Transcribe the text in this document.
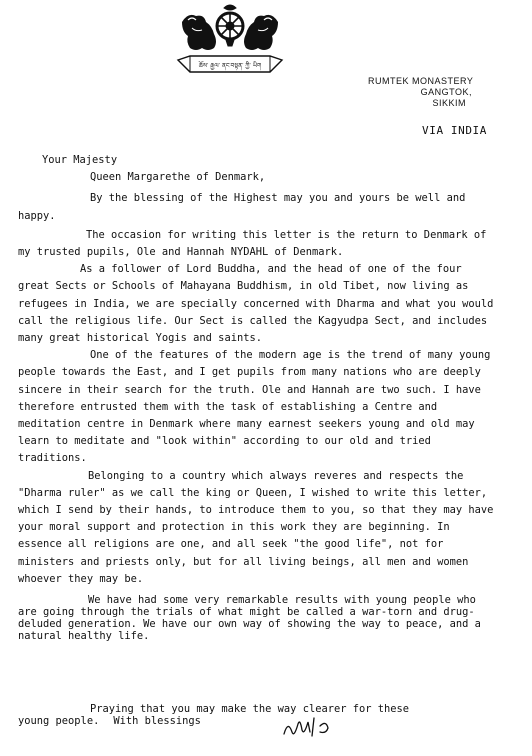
ཆོས་ རྒྱལ་ ནང་བསྟན་ ཀྱི་ ཡིག
RUMTEK MONASTERY
GANGTOK,
SIKKIM
VIA INDIA

Your Majesty

Queen Margarethe of Denmark,

By the blessing of the Highest may you and yours be well and happy.

The occasion for writing this letter is the return to Denmark of my trusted pupils, Ole and Hannah NYDAHL of Denmark.

As a follower of Lord Buddha, and the head of one of the four great Sects or Schools of Mahayana Buddhism, in old Tibet, now living as refugees in India, we are specially concerned with Dharma and what you would call the religious life. Our Sect is called the Kagyudpa Sect, and includes many great historical Yogis and saints.

One of the features of the modern age is the trend of many young people towards the East, and I get pupils from many nations who are deeply sincere in their search for the truth. Ole and Hannah are two such. I have therefore entrusted them with the task of establishing a Centre and meditation centre in Denmark where many earnest seekers young and old may learn to meditate and "look within" according to our old and tried traditions.

Belonging to a country which always reveres and respects the "Dharma ruler" as we call the king or Queen, I wished to write this letter, which I send by their hands, to introduce them to you, so that they may have your moral support and protection in this work they are beginning. In essence all religions are one, and all seek "the good life", not for ministers and priests only, but for all living beings, all men and women whoever they may be.

We have had some very remarkable results with young people who are going through the trials of what might be called a war-torn and drug-deluded generation. We have our own way of showing the way to peace, and a natural healthy life.

Praying that you may make the way clearer for these
young people. With blessings
